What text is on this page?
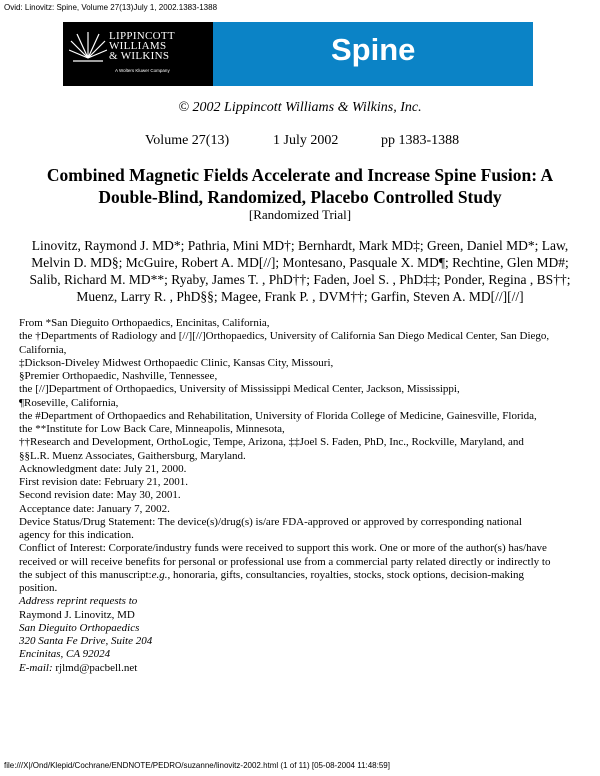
Ovid: Linovitz: Spine, Volume 27(13)July 1, 2002.1383-1388
LIPPINCOTT
WILLIAMS
& WILKINS
A Wolters Kluwer Company
Spine
© 2002 Lippincott Williams & Wilkins, Inc.
Volume 27(13)	1 July 2002	pp 1383-1388
Combined Magnetic Fields Accelerate and Increase Spine Fusion: A
Double-Blind, Randomized, Placebo Controlled Study
[Randomized Trial]
Linovitz, Raymond J. MD*; Pathria, Mini MD†; Bernhardt, Mark MD‡; Green, Daniel MD*; Law,
Melvin D. MD§; McGuire, Robert A. MD[//]; Montesano, Pasquale X. MD¶; Rechtine, Glen MD#;
Salib, Richard M. MD**; Ryaby, James T. , PhD††; Faden, Joel S. , PhD‡‡; Ponder, Regina , BS††;
Muenz, Larry R. , PhD§§; Magee, Frank P. , DVM††; Garfin, Steven A. MD[//][//]
From *San Dieguito Orthopaedics, Encinitas, California,
the †Departments of Radiology and [//][//]Orthopaedics, University of California San Diego Medical Center, San Diego,
California,
‡Dickson-Diveley Midwest Orthopaedic Clinic, Kansas City, Missouri,
§Premier Orthopaedic, Nashville, Tennessee,
the [//]Department of Orthopaedics, University of Mississippi Medical Center, Jackson, Mississippi,
¶Roseville, California,
the #Department of Orthopaedics and Rehabilitation, University of Florida College of Medicine, Gainesville, Florida,
the **Institute for Low Back Care, Minneapolis, Minnesota,
††Research and Development, OrthoLogic, Tempe, Arizona, ‡‡Joel S. Faden, PhD, Inc., Rockville, Maryland, and
§§L.R. Muenz Associates, Gaithersburg, Maryland.
Acknowledgment date: July 21, 2000.
First revision date: February 21, 2001.
Second revision date: May 30, 2001.
Acceptance date: January 7, 2002.
Device Status/Drug Statement: The device(s)/drug(s) is/are FDA-approved or approved by corresponding national
agency for this indication.
Conflict of Interest: Corporate/industry funds were received to support this work. One or more of the author(s) has/have
received or will receive benefits for personal or professional use from a commercial party related directly or indirectly to
the subject of this manuscript:e.g., honoraria, gifts, consultancies, royalties, stocks, stock options, decision-making
position.
Address reprint requests to
Raymond J. Linovitz, MD
San Dieguito Orthopaedics
320 Santa Fe Drive, Suite 204
Encinitas, CA 92024
E-mail: rjlmd@pacbell.net
file:///X|/Ond/Klepid/Cochrane/ENDNOTE/PEDRO/suzanne/linovitz-2002.html (1 of 11) [05-08-2004 11:48:59]
